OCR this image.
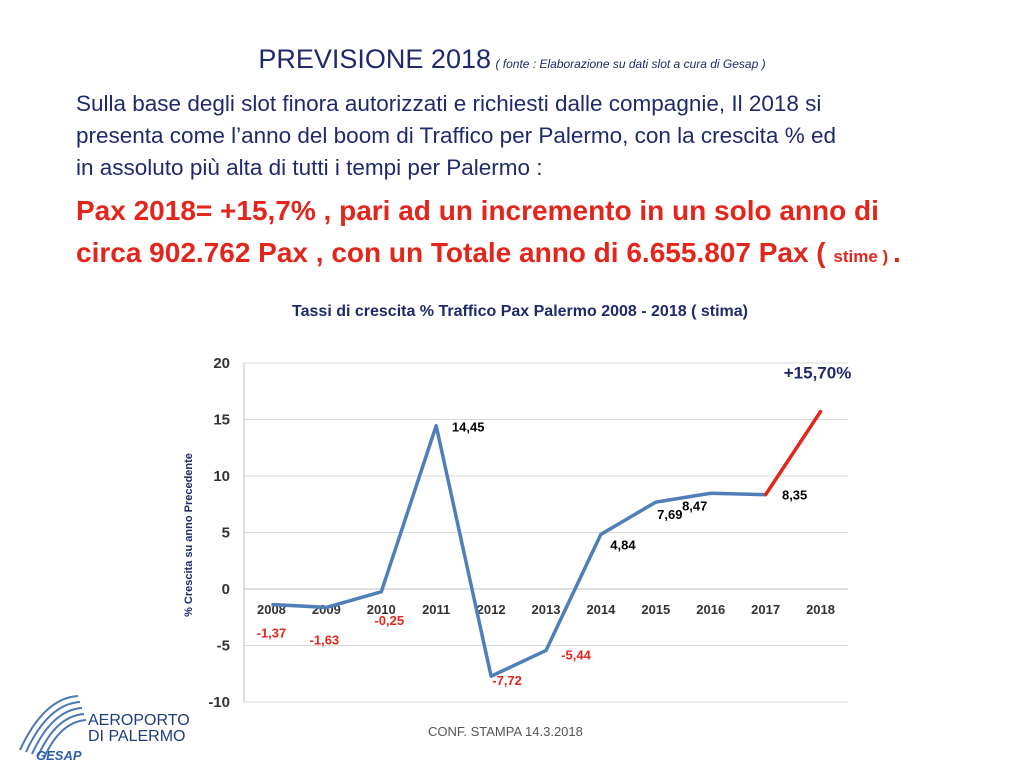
PREVISIONE 2018 ( fonte : Elaborazione su dati slot a cura di Gesap )
Sulla base degli slot finora autorizzati e richiesti dalle compagnie, Il 2018 si
presenta come l’anno del boom di Traffico per Palermo, con la crescita % ed
in assoluto più alta di tutti i tempi per Palermo :
Pax 2018= +15,7% , pari ad un incremento in un solo anno di
circa 902.762 Pax , con un Totale anno di 6.655.807 Pax ( stime ) .
Tassi di crescita % Traffico Pax Palermo 2008 - 2018 ( stima)
% Crescita su anno Precedente
-10
-5
0
5
10
15
20
2008 2009 2010 2011 2012 2013 2014 2015 2016 2017 2018
-1,37 -1,63
-0,25
14,45
-7,72
-5,44
4,84
7,69
8,47
8,35
+15,70%
AEROPORTO
DI PALERMO
GESAP
CONF. STAMPA 14.3.2018
